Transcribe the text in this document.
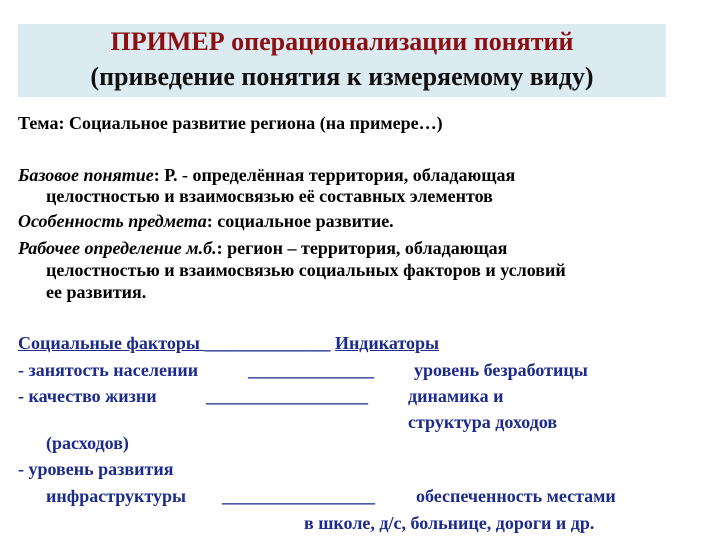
ПРИМЕР операционализации понятий
(приведение понятия к измеряемому виду)
Тема: Социальное развитие региона (на примере…)
Базовое понятие: Р. - определённая территория, обладающая
целостностью и взаимосвязью её составных элементов
Особенность предмета: социальное развитие.
Рабочее определение м.б.: регион – территория, обладающая
целостностью и взаимосвязью социальных факторов и условий
ее развития.
Социальные факторы ______________ Индикаторы
- занятость населении	______________ уровень безработицы
- качество жизни	__________________ динамика и
структура доходов
(расходов)
- уровень развития
инфраструктуры _________________ обеспеченность местами
в школе, д/с, больнице, дороги и др.
